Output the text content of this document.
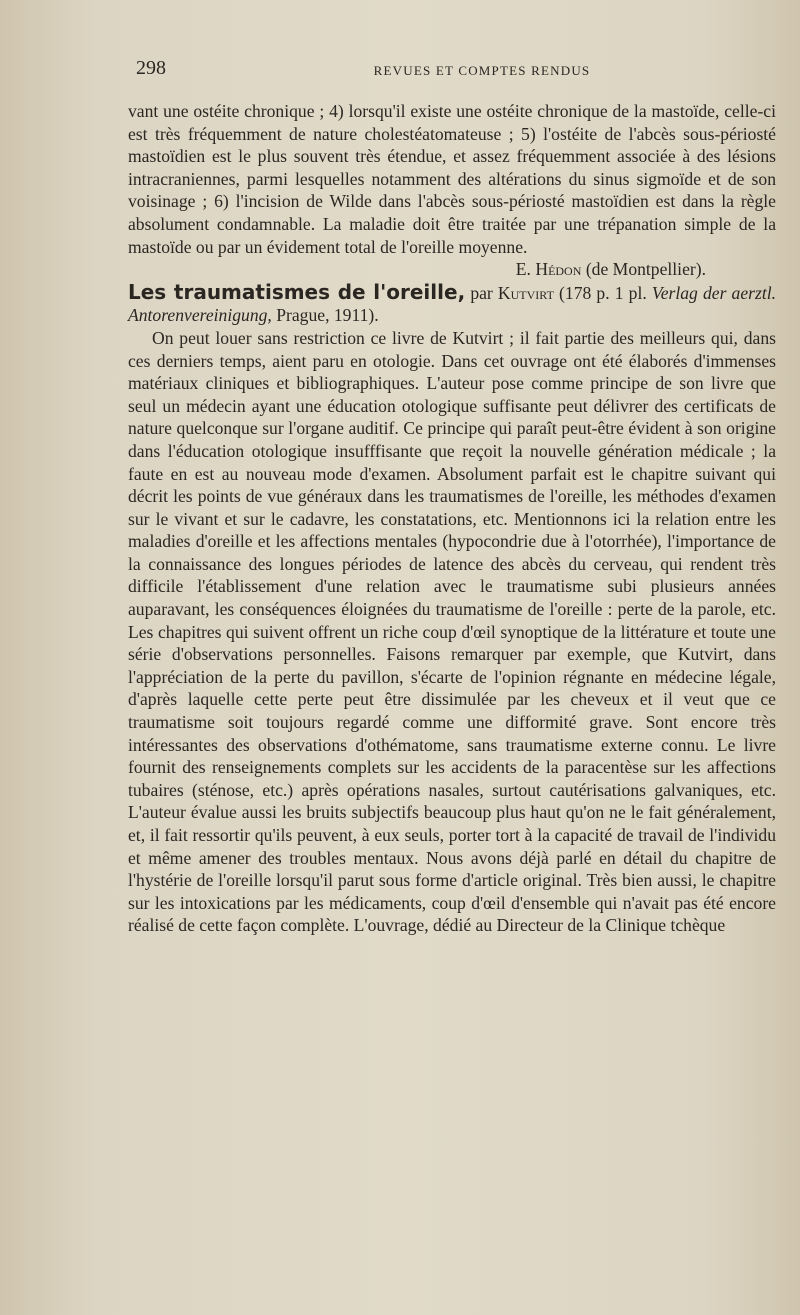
298	REVUES ET COMPTES RENDUS

vant une ostéite chronique ; 4) lorsqu'il existe une ostéite chronique de la mastoïde, celle-ci est très fréquemment de nature cholestéatomateuse ; 5) l'ostéite de l'abcès sous-périosté mastoïdien est le plus souvent très étendue, et assez fréquemment associée à des lésions intracraniennes, parmi lesquelles notamment des altérations du sinus sigmoïde et de son voisinage ; 6) l'incision de Wilde dans l'abcès sous-périosté mastoïdien est dans la règle absolument condamnable. La maladie doit être traitée par une trépanation simple de la mastoïde ou par un évidement total de l'oreille moyenne.

E. Hédon (de Montpellier).

Les traumatismes de l'oreille, par Kutvirt (178 p. 1 pl. Verlag der aerztl. Antorenvereinigung, Prague, 1911).

On peut louer sans restriction ce livre de Kutvirt ; il fait partie des meilleurs qui, dans ces derniers temps, aient paru en otologie. Dans cet ouvrage ont été élaborés d'immenses matériaux cliniques et bibliographiques. L'auteur pose comme principe de son livre que seul un médecin ayant une éducation otologique suffisante peut délivrer des certificats de nature quelconque sur l'organe auditif. Ce principe qui paraît peut-être évident à son origine dans l'éducation otologique insufffisante que reçoit la nouvelle génération médicale ; la faute en est au nouveau mode d'examen. Absolument parfait est le chapitre suivant qui décrit les points de vue généraux dans les traumatismes de l'oreille, les méthodes d'examen sur le vivant et sur le cadavre, les constatations, etc. Mentionnons ici la relation entre les maladies d'oreille et les affections mentales (hypocondrie due à l'otorrhée), l'importance de la connaissance des longues périodes de latence des abcès du cerveau, qui rendent très difficile l'établissement d'une relation avec le traumatisme subi plusieurs années auparavant, les conséquences éloignées du traumatisme de l'oreille : perte de la parole, etc. Les chapitres qui suivent offrent un riche coup d'œil synoptique de la littérature et toute une série d'observations personnelles. Faisons remarquer par exemple, que Kutvirt, dans l'appréciation de la perte du pavillon, s'écarte de l'opinion régnante en médecine légale, d'après laquelle cette perte peut être dissimulée par les cheveux et il veut que ce traumatisme soit toujours regardé comme une difformité grave. Sont encore très intéressantes des observations d'othématome, sans traumatisme externe connu. Le livre fournit des renseignements complets sur les accidents de la paracentèse sur les affections tubaires (sténose, etc.) après opérations nasales, surtout cautérisations galvaniques, etc. L'auteur évalue aussi les bruits subjectifs beaucoup plus haut qu'on ne le fait généralement, et, il fait ressortir qu'ils peuvent, à eux seuls, porter tort à la capacité de travail de l'individu et même amener des troubles mentaux. Nous avons déjà parlé en détail du chapitre de l'hystérie de l'oreille lorsqu'il parut sous forme d'article original. Très bien aussi, le chapitre sur les intoxications par les médicaments, coup d'œil d'ensemble qui n'avait pas été encore réalisé de cette façon complète. L'ouvrage, dédié au Directeur de la Clinique tchèque
